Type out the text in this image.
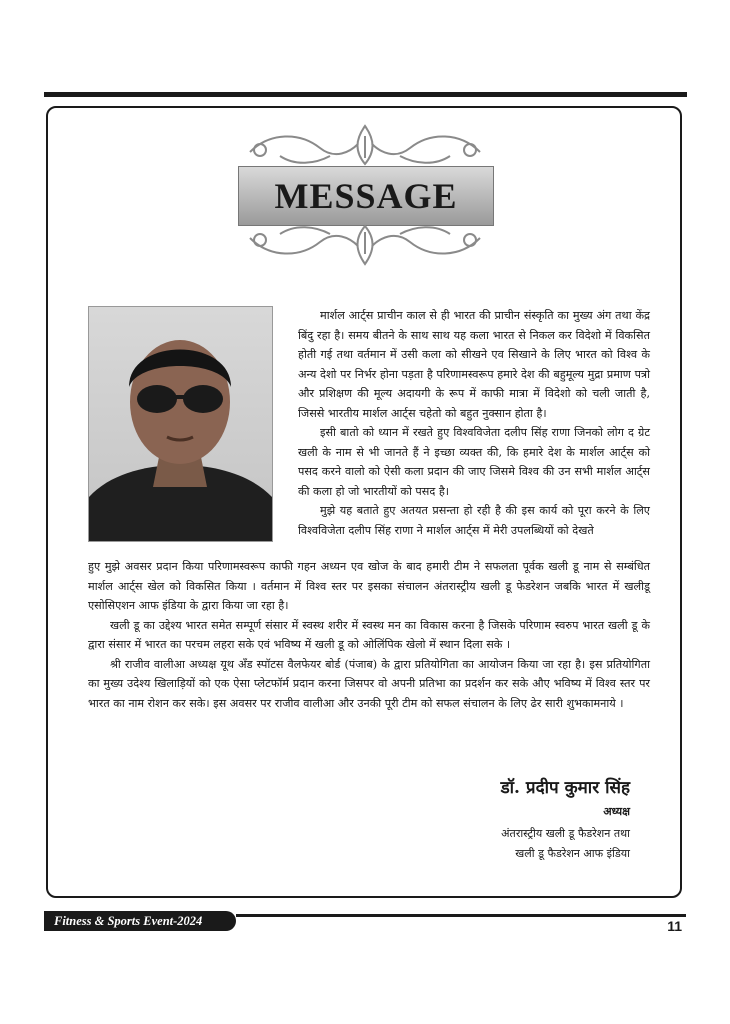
MESSAGE

मार्शल आर्ट्स प्राचीन काल से ही भारत की प्राचीन संस्कृति का मुख्य अंग तथा केंद्र बिंदु रहा है। समय बीतने के साथ साथ यह कला भारत से निकल कर विदेशो में विकसित होती गई तथा वर्तमान में उसी कला को सीखने एव सिखाने के लिए भारत को विश्व के अन्य देशो पर निर्भर होना पड़ता है परिणामस्वरूप हमारे देश की बहुमूल्य मुद्रा प्रमाण पत्रो और प्रशिक्षण की मूल्य अदायगी के रूप में काफी मात्रा में विदेशो को चली जाती है, जिससे भारतीय मार्शल आर्ट्स चहेतो को बहुत नुक्सान होता है।

इसी बातो को ध्यान में रखते हुए विश्वविजेता दलीप सिंह राणा जिनको लोग द ग्रेट खली के नाम से भी जानते हैं ने इच्छा व्यक्त की, कि हमारे देश के मार्शल आर्ट्स को पसद करने वालो को ऐसी कला प्रदान की जाए जिसमे विश्व की उन सभी मार्शल आर्ट्स की कला हो जो भारतीयों को पसद है।

मुझे यह बताते हुए अतयत प्रसन्ता हो रही है की इस कार्य को पूरा करने के लिए विश्वविजेता दलीप सिंह राणा ने मार्शल आर्ट्स में मेरी उपलब्धियों को देखते

हुए मुझे अवसर प्रदान किया परिणामस्वरूप काफी गहन अध्यन एव खोज के बाद हमारी टीम ने सफलता पूर्वक खली डू नाम से सम्बंधित मार्शल आर्ट्स खेल को विकसित किया । वर्तमान में विश्व स्तर पर इसका संचालन अंतरास्ट्रीय खली डू फेडरेशन जबकि भारत में खलीडू एसोसिएशन आफ इंडिया के द्वारा किया जा रहा है।

खली डू का उद्देश्य भारत समेत सम्पूर्ण संसार में स्वस्थ शरीर में स्वस्थ मन का विकास करना है जिसके परिणाम स्वरुप भारत खली डू के द्वारा संसार में भारत का परचम लहरा सके एवं भविष्य में खली डू को ओलिंपिक खेलो में स्थान दिला सके ।

श्री राजीव वालीआ अध्यक्ष यूथ अँड स्पॉटस वैलफेयर बोर्ड (पंजाब) के द्वारा प्रतियोगिता का आयोजन किया जा रहा है। इस प्रतियोगिता का मुख्य उदेश्य खिलाड़ियों को एक ऐसा प्लेटफॉर्म प्रदान करना जिसपर वो अपनी प्रतिभा का प्रदर्शन कर सके औए भविष्य में विश्व स्तर पर भारत का नाम रोशन कर सके। इस अवसर पर राजीव वालीआ और उनकी पूरी टीम को सफल संचालन के लिए ढेर सारी शुभकामनाये ।

डॉ. प्रदीप कुमार सिंह
अध्यक्ष
अंतरास्ट्रीय खली डू फैडरेशन तथा
खली डू फैडरेशन आफ इंडिया
Fitness & Sports Event-2024	11
